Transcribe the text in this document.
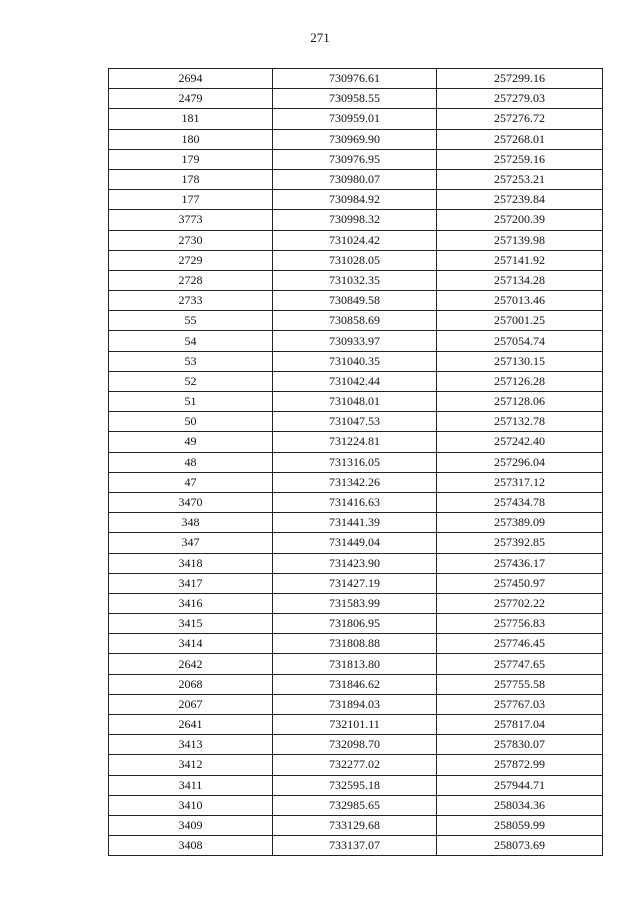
271
2694	730976.61	257299.16
2479	730958.55	257279.03
181	730959.01	257276.72
180	730969.90	257268.01
179	730976.95	257259.16
178	730980.07	257253.21
177	730984.92	257239.84
3773	730998.32	257200.39
2730	731024.42	257139.98
2729	731028.05	257141.92
2728	731032.35	257134.28
2733	730849.58	257013.46
55	730858.69	257001.25
54	730933.97	257054.74
53	731040.35	257130.15
52	731042.44	257126.28
51	731048.01	257128.06
50	731047.53	257132.78
49	731224.81	257242.40
48	731316.05	257296.04
47	731342.26	257317.12
3470	731416.63	257434.78
348	731441.39	257389.09
347	731449.04	257392.85
3418	731423.90	257436.17
3417	731427.19	257450.97
3416	731583.99	257702.22
3415	731806.95	257756.83
3414	731808.88	257746.45
2642	731813.80	257747.65
2068	731846.62	257755.58
2067	731894.03	257767.03
2641	732101.11	257817.04
3413	732098.70	257830.07
3412	732277.02	257872.99
3411	732595.18	257944.71
3410	732985.65	258034.36
3409	733129.68	258059.99
3408	733137.07	258073.69
